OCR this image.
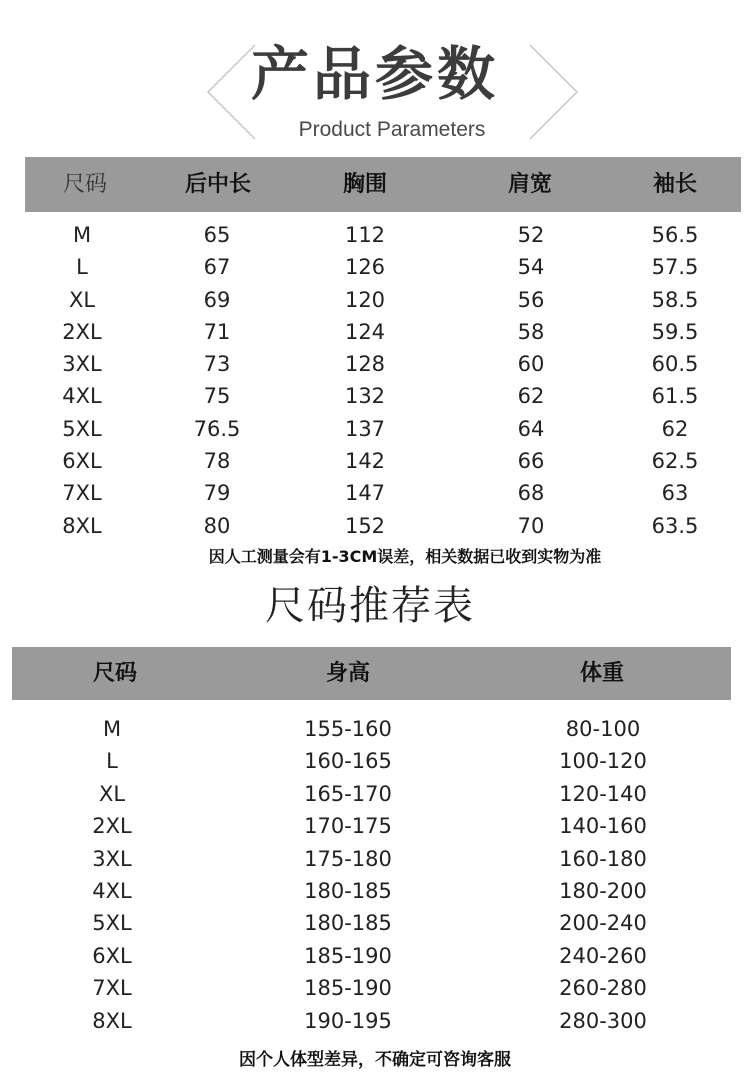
产品参数
Product Parameters
尺码	后中长	胸围	肩宽	袖长
M	65	112	52	56.5
L	67	126	54	57.5
XL	69	120	56	58.5
2XL	71	124	58	59.5
3XL	73	128	60	60.5
4XL	75	132	62	61.5
5XL	76.5	137	64	62
6XL	78	142	66	62.5
7XL	79	147	68	63
8XL	80	152	70	63.5
因人工测量会有1-3CM误差，相关数据已收到实物为准
尺码推荐表
尺码	身高	体重
M	155-160	80-100
L	160-165	100-120
XL	165-170	120-140
2XL	170-175	140-160
3XL	175-180	160-180
4XL	180-185	180-200
5XL	180-185	200-240
6XL	185-190	240-260
7XL	185-190	260-280
8XL	190-195	280-300
因个人体型差异，不确定可咨询客服
